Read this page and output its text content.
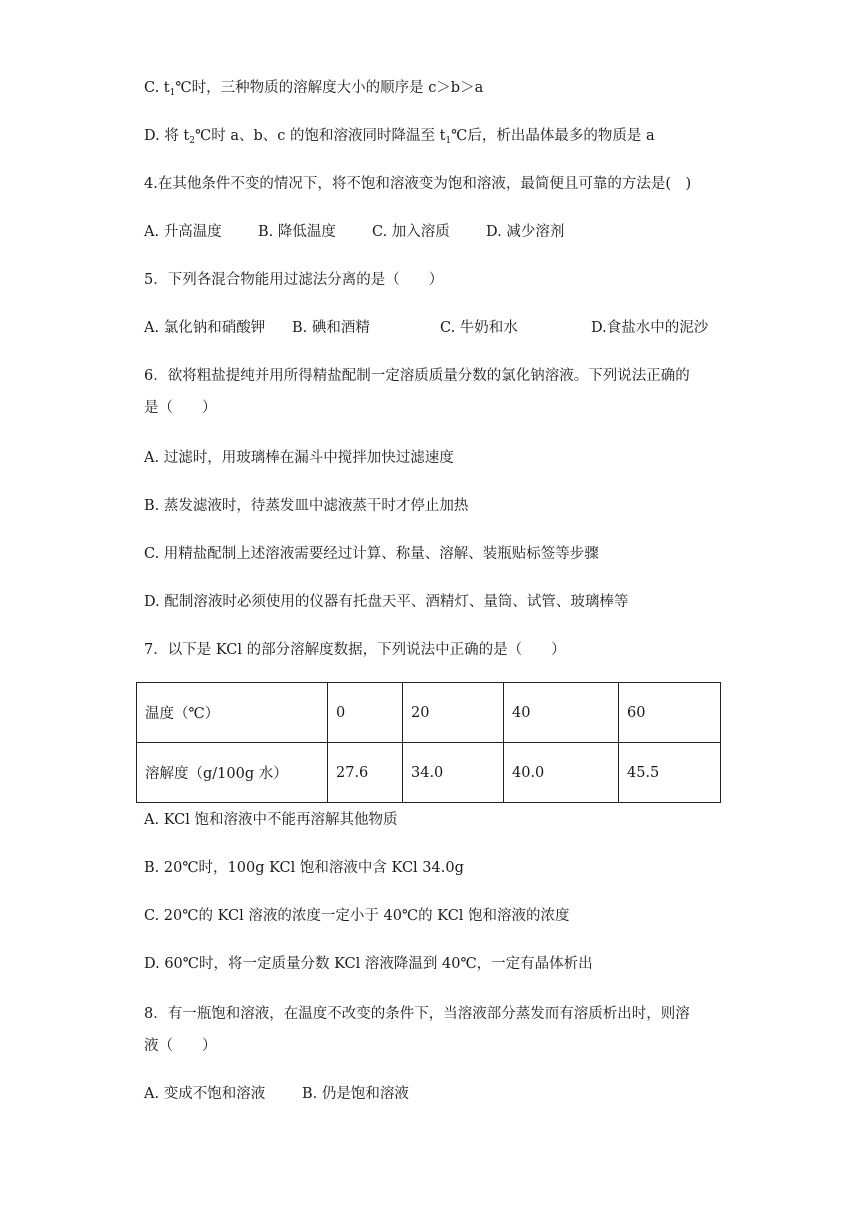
C. $t_1℃$时，三种物质的溶解度大小的顺序是 c＞b＞a
D. 将 $t_2℃$时 a、b、c 的饱和溶液同时降温至 $t_1℃$后，析出晶体最多的物质是 a
4.在其他条件不变的情况下，将不饱和溶液变为饱和溶液，最简便且可靠的方法是(　)
A. 升高温度	B. 降低温度 C. 加入溶质 D. 减少溶剂
5．下列各混合物能用过滤法分离的是（　　）
A. 氯化钠和硝酸钾 B. 碘和酒精	C. 牛奶和水	D.食盐水中的泥沙
6．欲将粗盐提纯并用所得精盐配制一定溶质质量分数的氯化钠溶液。下列说法正确的
是（　　）
A. 过滤时，用玻璃棒在漏斗中搅拌加快过滤速度
B. 蒸发滤液时，待蒸发皿中滤液蒸干时才停止加热
C. 用精盐配制上述溶液需要经过计算、称量、溶解、装瓶贴标签等步骤
D. 配制溶液时必须使用的仪器有托盘天平、酒精灯、量筒、试管、玻璃棒等
7．以下是 KCl 的部分溶解度数据，下列说法中正确的是（　　）
温度（℃）	0	20	40	60
溶解度（g/100g 水）	27.6	34.0	40.0	45.5
A. KCl 饱和溶液中不能再溶解其他物质
B. 20℃时，100g KCl 饱和溶液中含 KCl 34.0g
C. 20℃的 KCl 溶液的浓度一定小于 40℃的 KCl 饱和溶液的浓度
D. 60℃时，将一定质量分数 KCl 溶液降温到 40℃，一定有晶体析出
8．有一瓶饱和溶液，在温度不改变的条件下，当溶液部分蒸发而有溶质析出时，则溶
液（　　）
A. 变成不饱和溶液	B. 仍是饱和溶液
